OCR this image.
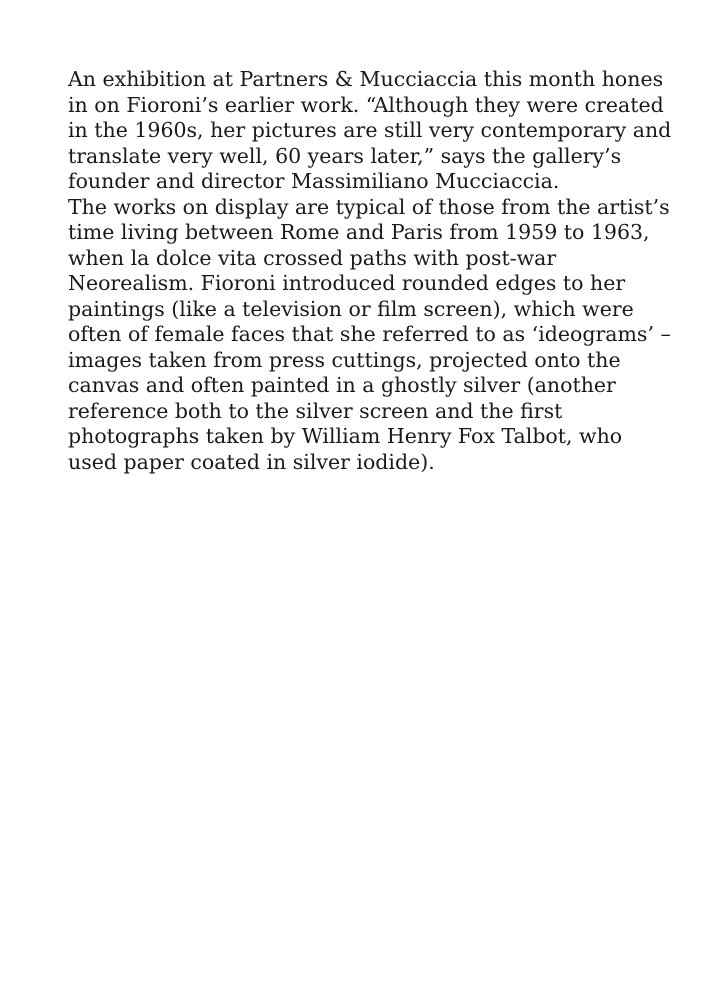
An exhibition at Partners & Mucciaccia this month hones
in on Fioroni’s earlier work. “Although they were created
in the 1960s, her pictures are still very contemporary and
translate very well, 60 years later,” says the gallery’s
founder and director Massimiliano Mucciaccia.

The works on display are typical of those from the artist’s
time living between Rome and Paris from 1959 to 1963,
when la dolce vita crossed paths with post-war
Neorealism. Fioroni introduced rounded edges to her
paintings (like a television or film screen), which were
often of female faces that she referred to as ‘ideograms’ –
images taken from press cuttings, projected onto the
canvas and often painted in a ghostly silver (another
reference both to the silver screen and the first
photographs taken by William Henry Fox Talbot, who
used paper coated in silver iodide).
